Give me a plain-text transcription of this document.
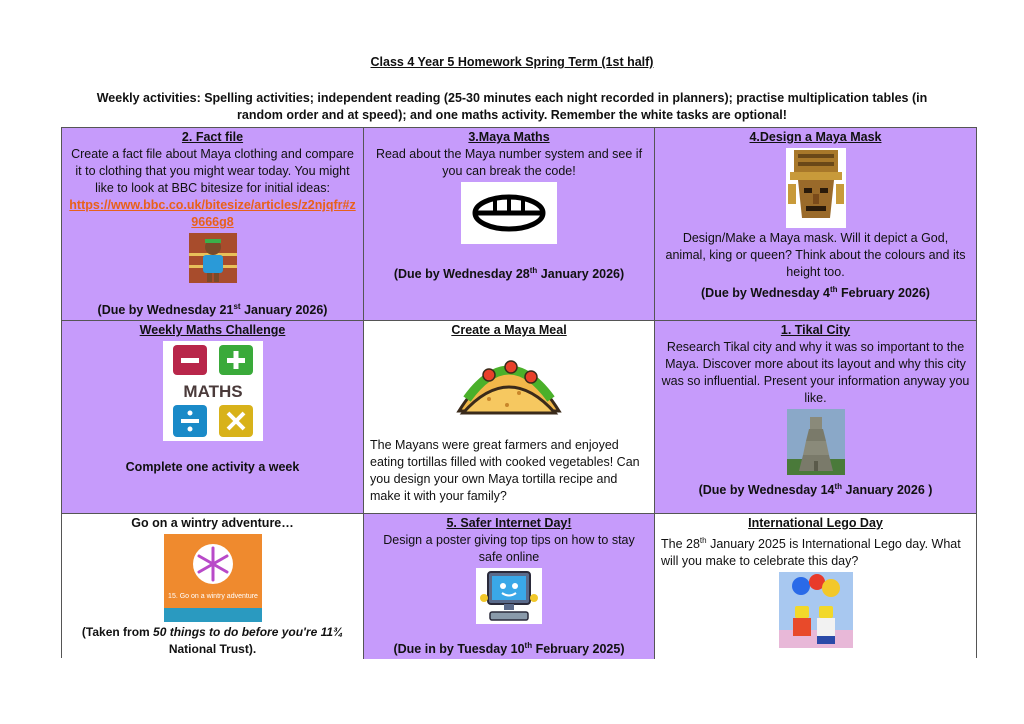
Class 4 Year 5 Homework Spring Term (1st half)
Weekly activities: Spelling activities; independent reading (25-30 minutes each night recorded in planners); practise multiplication tables (in random order and at speed); and one maths activity. Remember the white tasks are optional!
2. Fact file
Create a fact file about Maya clothing and compare it to clothing that you might wear today. You might like to look at BBC bitesize for initial ideas:
https://www.bbc.co.uk/bitesize/articles/z2njqfr#z9666g8
(Due by Wednesday 21st January 2026)
3.Maya Maths
Read about the Maya number system and see if you can break the code!
(Due by Wednesday 28th January 2026)
4.Design a Maya Mask
Design/Make a Maya mask. Will it depict a God, animal, king or queen? Think about the colours and its height too.
(Due by Wednesday 4th February 2026)
Weekly Maths Challenge
MATHS
Complete one activity a week
Create a Maya Meal
The Mayans were great farmers and enjoyed eating tortillas filled with cooked vegetables! Can you design your own Maya tortilla recipe and make it with your family?
1. Tikal City
Research Tikal city and why it was so important to the Maya. Discover more about its layout and why this city was so influential. Present your information anyway you like.
(Due by Wednesday 14th January 2026 )
Go on a wintry adventure…
15. Go on a wintry adventure
(Taken from 50 things to do before you're 11¾ National Trust).
5. Safer Internet Day!
Design a poster giving top tips on how to stay safe online
(Due in by Tuesday 10th February 2025)
International Lego Day
The 28th January 2025 is International Lego day. What will you make to celebrate this day?
